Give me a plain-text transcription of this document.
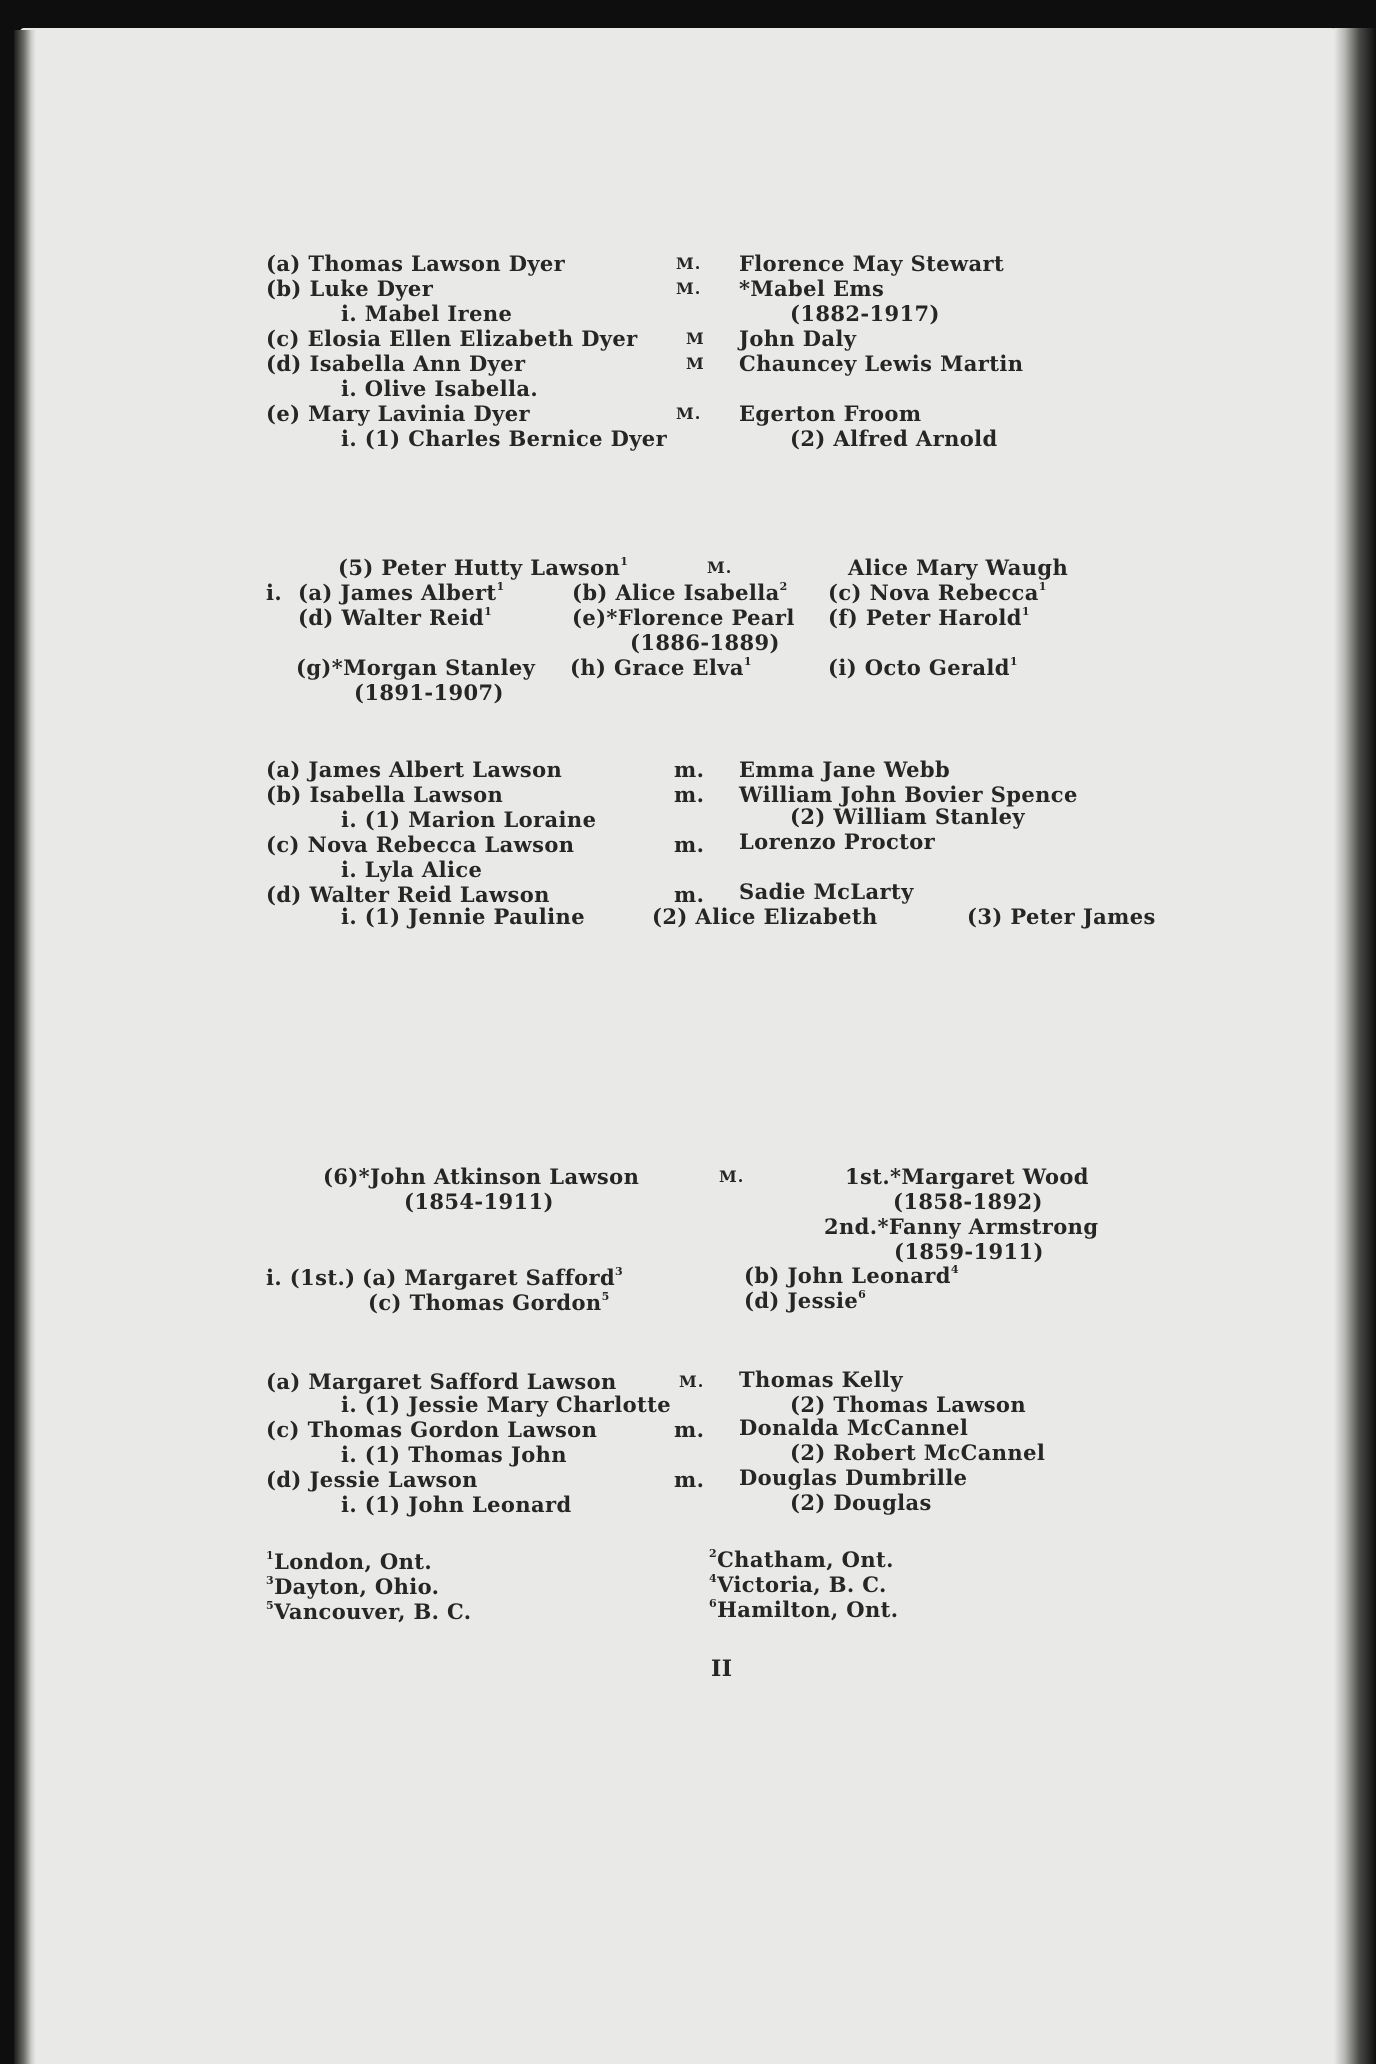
(a) Thomas Lawson Dyer	M. Florence May Stewart
(b) Luke Dyer	M. *Mabel Ems
i. Mabel Irene	(1882-1917)
(c) Elosia Ellen Elizabeth Dyer	M John Daly
(d) Isabella Ann Dyer	M Chauncey Lewis Martin
i. Olive Isabella.
(e) Mary Lavinia Dyer	M. Egerton Froom
i. (1) Charles Bernice Dyer	(2) Alfred Arnold
(5) Peter Hutty Lawson$^1$	M.	Alice Mary Waugh
i. (a) James Albert$^1$	(b) Alice Isabella$^2$ (c) Nova Rebecca$^1$
(d) Walter Reid$^1$	(e)*Florence Pearl (f) Peter Harold$^1$
(1886-1889)
(g)*Morgan Stanley (h) Grace Elva$^1$	(i) Octo Gerald$^1$
(1891-1907)
(a) James Albert Lawson	m. Emma Jane Webb
(b) Isabella Lawson	m. William John Bovier Spence
i. (1) Marion Loraine	(2) William Stanley
(c) Nova Rebecca Lawson	m. Lorenzo Proctor
i. Lyla Alice
(d) Walter Reid Lawson	m. Sadie McLarty
i. (1) Jennie Pauline	(2) Alice Elizabeth	(3) Peter James
(6)*John Atkinson Lawson
(1854-1911)
M.	1st.*Margaret Wood
(1858-1892)
2nd.*Fanny Armstrong
(1859-1911)
i. (1st.) (a) Margaret Safford$^3$	(b) John Leonard$^4$
(c) Thomas Gordon$^5$	(d) Jessie$^6$
(a) Margaret Safford Lawson	M. Thomas Kelly
i. (1) Jessie Mary Charlotte	(2) Thomas Lawson
(c) Thomas Gordon Lawson	m. Donalda McCannel
i. (1) Thomas John	(2) Robert McCannel
(d) Jessie Lawson	m. Douglas Dumbrille
i. (1) John Leonard	(2) Douglas
$^1$London, Ont.	$^2$Chatham, Ont.
$^3$Dayton, Ohio.	$^4$Victoria, B. C.
$^5$Vancouver, B. C.	$^6$Hamilton, Ont.
II
